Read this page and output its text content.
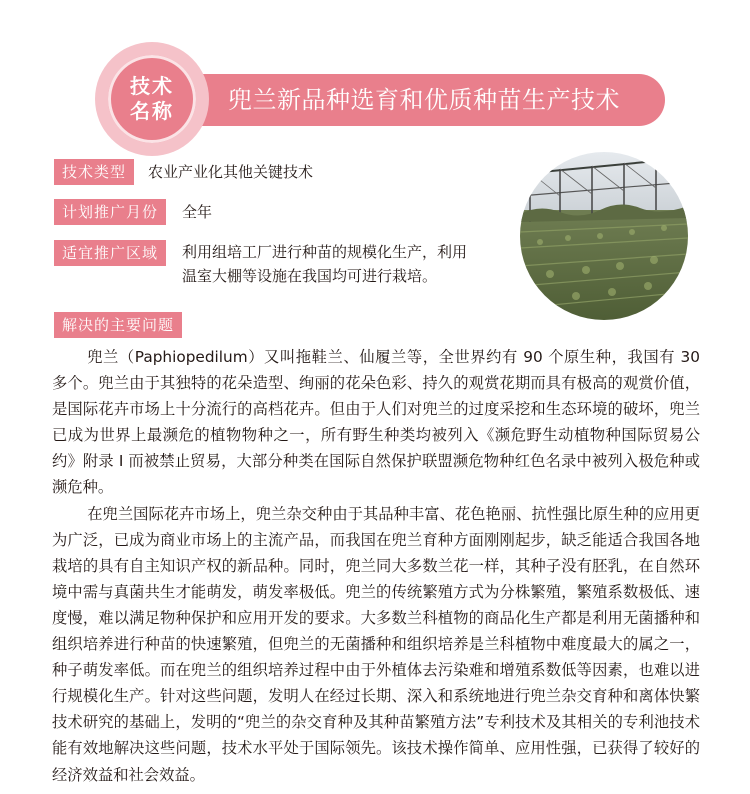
兜兰新品种选育和优质种苗生产技术
技术
名称
技术类型	农业产业化其他关键技术
计划推广月份	全年
适宜推广区域	利用组培工厂进行种苗的规模化生产，利用
温室大棚等设施在我国均可进行栽培。
解决的主要问题

兜兰（Paphiopedilum）又叫拖鞋兰、仙履兰等，全世界约有 90 个原生种，我国有 30 多个。兜兰由于其独特的花朵造型、绚丽的花朵色彩、持久的观赏花期而具有极高的观赏价值，是国际花卉市场上十分流行的高档花卉。但由于人们对兜兰的过度采挖和生态环境的破坏，兜兰已成为世界上最濒危的植物物种之一，所有野生种类均被列入《濒危野生动植物种国际贸易公约》附录 I 而被禁止贸易，大部分种类在国际自然保护联盟濒危物种红色名录中被列入极危种或濒危种。

在兜兰国际花卉市场上，兜兰杂交种由于其品种丰富、花色艳丽、抗性强比原生种的应用更为广泛，已成为商业市场上的主流产品，而我国在兜兰育种方面刚刚起步，缺乏能适合我国各地栽培的具有自主知识产权的新品种。同时，兜兰同大多数兰花一样，其种子没有胚乳，在自然环境中需与真菌共生才能萌发，萌发率极低。兜兰的传统繁殖方式为分株繁殖，繁殖系数极低、速度慢，难以满足物种保护和应用开发的要求。大多数兰科植物的商品化生产都是利用无菌播种和组织培养进行种苗的快速繁殖，但兜兰的无菌播种和组织培养是兰科植物中难度最大的属之一，种子萌发率低。而在兜兰的组织培养过程中由于外植体去污染难和增殖系数低等因素，也难以进行规模化生产。针对这些问题，发明人在经过长期、深入和系统地进行兜兰杂交育种和离体快繁技术研究的基础上，发明的“兜兰的杂交育种及其种苗繁殖方法”专利技术及其相关的专利池技术能有效地解决这些问题，技术水平处于国际领先。该技术操作简单、应用性强，已获得了较好的经济效益和社会效益。
